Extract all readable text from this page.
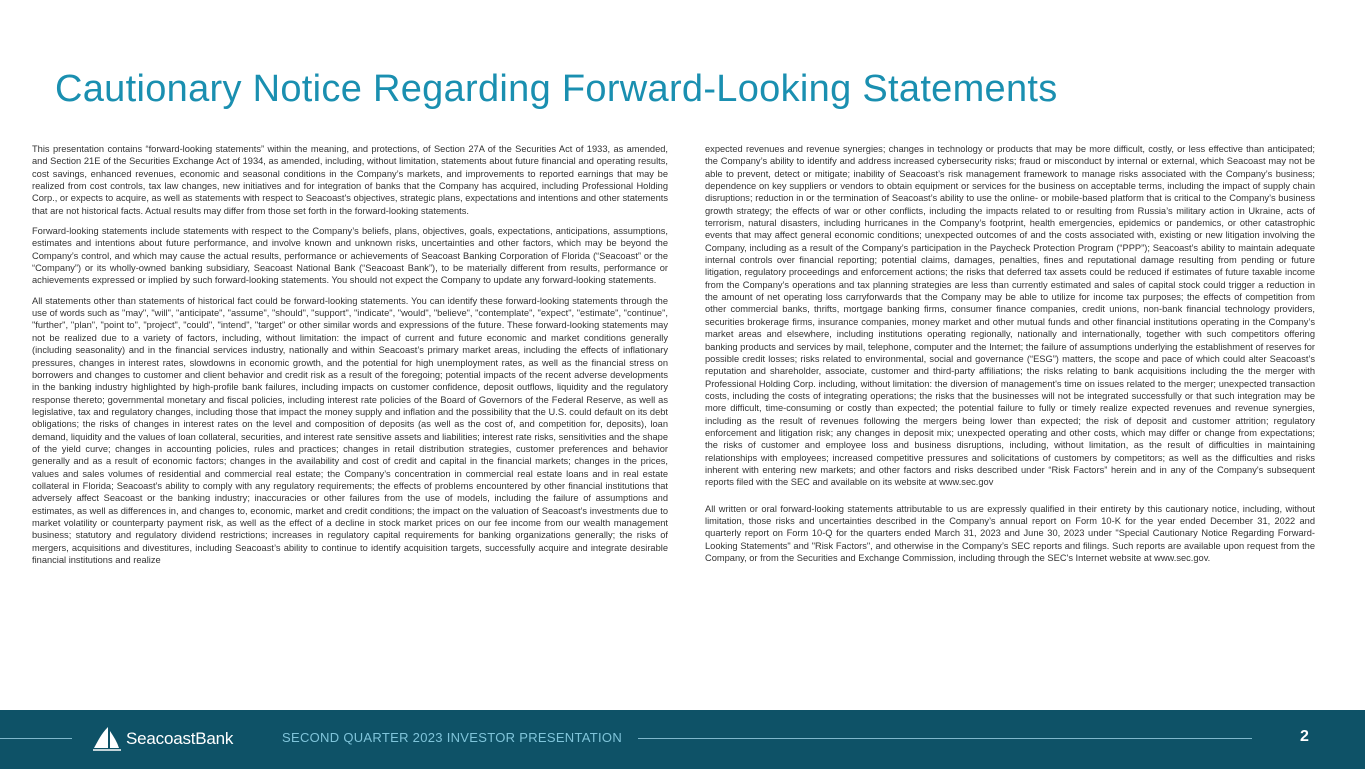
Cautionary Notice Regarding Forward-Looking Statements

This presentation contains “forward-looking statements” within the meaning, and protections, of Section 27A of the Securities Act of 1933, as amended, and Section 21E of the Securities Exchange Act of 1934, as amended, including, without limitation, statements about future financial and operating results, cost savings, enhanced revenues, economic and seasonal conditions in the Company’s markets, and improvements to reported earnings that may be realized from cost controls, tax law changes, new initiatives and for integration of banks that the Company has acquired, including Professional Holding Corp., or expects to acquire, as well as statements with respect to Seacoast's objectives, strategic plans, expectations and intentions and other statements that are not historical facts. Actual results may differ from those set forth in the forward-looking statements.

Forward-looking statements include statements with respect to the Company’s beliefs, plans, objectives, goals, expectations, anticipations, assumptions, estimates and intentions about future performance, and involve known and unknown risks, uncertainties and other factors, which may be beyond the Company’s control, and which may cause the actual results, performance or achievements of Seacoast Banking Corporation of Florida (“Seacoast” or the “Company”) or its wholly-owned banking subsidiary, Seacoast National Bank (“Seacoast Bank”), to be materially different from results, performance or achievements expressed or implied by such forward-looking statements. You should not expect the Company to update any forward-looking statements.

All statements other than statements of historical fact could be forward-looking statements. You can identify these forward-looking statements through the use of words such as "may", "will", "anticipate", "assume", "should", "support", "indicate", "would", "believe", "contemplate", "expect", "estimate", "continue", "further", "plan", "point to", "project", "could", "intend", "target" or other similar words and expressions of the future. These forward-looking statements may not be realized due to a variety of factors, including, without limitation: the impact of current and future economic and market conditions generally (including seasonality) and in the financial services industry, nationally and within Seacoast’s primary market areas, including the effects of inflationary pressures, changes in interest rates, slowdowns in economic growth, and the potential for high unemployment rates, as well as the financial stress on borrowers and changes to customer and client behavior and credit risk as a result of the foregoing; potential impacts of the recent adverse developments in the banking industry highlighted by high-profile bank failures, including impacts on customer confidence, deposit outflows, liquidity and the regulatory response thereto; governmental monetary and fiscal policies, including interest rate policies of the Board of Governors of the Federal Reserve, as well as legislative, tax and regulatory changes, including those that impact the money supply and inflation and the possibility that the U.S. could default on its debt obligations; the risks of changes in interest rates on the level and composition of deposits (as well as the cost of, and competition for, deposits), loan demand, liquidity and the values of loan collateral, securities, and interest rate sensitive assets and liabilities; interest rate risks, sensitivities and the shape of the yield curve; changes in accounting policies, rules and practices; changes in retail distribution strategies, customer preferences and behavior generally and as a result of economic factors; changes in the availability and cost of credit and capital in the financial markets; changes in the prices, values and sales volumes of residential and commercial real estate; the Company’s concentration in commercial real estate loans and in real estate collateral in Florida; Seacoast’s ability to comply with any regulatory requirements; the effects of problems encountered by other financial institutions that adversely affect Seacoast or the banking industry; inaccuracies or other failures from the use of models, including the failure of assumptions and estimates, as well as differences in, and changes to, economic, market and credit conditions; the impact on the valuation of Seacoast’s investments due to market volatility or counterparty payment risk, as well as the effect of a decline in stock market prices on our fee income from our wealth management business; statutory and regulatory dividend restrictions; increases in regulatory capital requirements for banking organizations generally; the risks of mergers, acquisitions and divestitures, including Seacoast’s ability to continue to identify acquisition targets, successfully acquire and integrate desirable financial institutions and realize

expected revenues and revenue synergies; changes in technology or products that may be more difficult, costly, or less effective than anticipated; the Company’s ability to identify and address increased cybersecurity risks; fraud or misconduct by internal or external, which Seacoast may not be able to prevent, detect or mitigate; inability of Seacoast’s risk management framework to manage risks associated with the Company’s business; dependence on key suppliers or vendors to obtain equipment or services for the business on acceptable terms, including the impact of supply chain disruptions; reduction in or the termination of Seacoast’s ability to use the online- or mobile-based platform that is critical to the Company’s business growth strategy; the effects of war or other conflicts, including the impacts related to or resulting from Russia’s military action in Ukraine, acts of terrorism, natural disasters, including hurricanes in the Company’s footprint, health emergencies, epidemics or pandemics, or other catastrophic events that may affect general economic conditions; unexpected outcomes of and the costs associated with, existing or new litigation involving the Company, including as a result of the Company’s participation in the Paycheck Protection Program (“PPP”); Seacoast’s ability to maintain adequate internal controls over financial reporting; potential claims, damages, penalties, fines and reputational damage resulting from pending or future litigation, regulatory proceedings and enforcement actions; the risks that deferred tax assets could be reduced if estimates of future taxable income from the Company’s operations and tax planning strategies are less than currently estimated and sales of capital stock could trigger a reduction in the amount of net operating loss carryforwards that the Company may be able to utilize for income tax purposes; the effects of competition from other commercial banks, thrifts, mortgage banking firms, consumer finance companies, credit unions, non-bank financial technology providers, securities brokerage firms, insurance companies, money market and other mutual funds and other financial institutions operating in the Company’s market areas and elsewhere, including institutions operating regionally, nationally and internationally, together with such competitors offering banking products and services by mail, telephone, computer and the Internet; the failure of assumptions underlying the establishment of reserves for possible credit losses; risks related to environmental, social and governance (“ESG”) matters, the scope and pace of which could alter Seacoast’s reputation and shareholder, associate, customer and third-party affiliations; the risks relating to bank acquisitions including the the merger with Professional Holding Corp. including, without limitation: the diversion of management's time on issues related to the merger; unexpected transaction costs, including the costs of integrating operations; the risks that the businesses will not be integrated successfully or that such integration may be more difficult, time-consuming or costly than expected; the potential failure to fully or timely realize expected revenues and revenue synergies, including as the result of revenues following the mergers being lower than expected; the risk of deposit and customer attrition; regulatory enforcement and litigation risk; any changes in deposit mix; unexpected operating and other costs, which may differ or change from expectations; the risks of customer and employee loss and business disruptions, including, without limitation, as the result of difficulties in maintaining relationships with employees; increased competitive pressures and solicitations of customers by competitors; as well as the difficulties and risks inherent with entering new markets; and other factors and risks described under “Risk Factors” herein and in any of the Company's subsequent reports filed with the SEC and available on its website at www.sec.gov

All written or oral forward-looking statements attributable to us are expressly qualified in their entirety by this cautionary notice, including, without limitation, those risks and uncertainties described in the Company’s annual report on Form 10-K for the year ended December 31, 2022 and quarterly report on Form 10-Q for the quarters ended March 31, 2023 and June 30, 2023 under "Special Cautionary Notice Regarding Forward-Looking Statements" and "Risk Factors", and otherwise in the Company’s SEC reports and filings. Such reports are available upon request from the Company, or from the Securities and Exchange Commission, including through the SEC's Internet website at www.sec.gov.

SeacoastBank	SECOND QUARTER 2023 INVESTOR PRESENTATION	2
